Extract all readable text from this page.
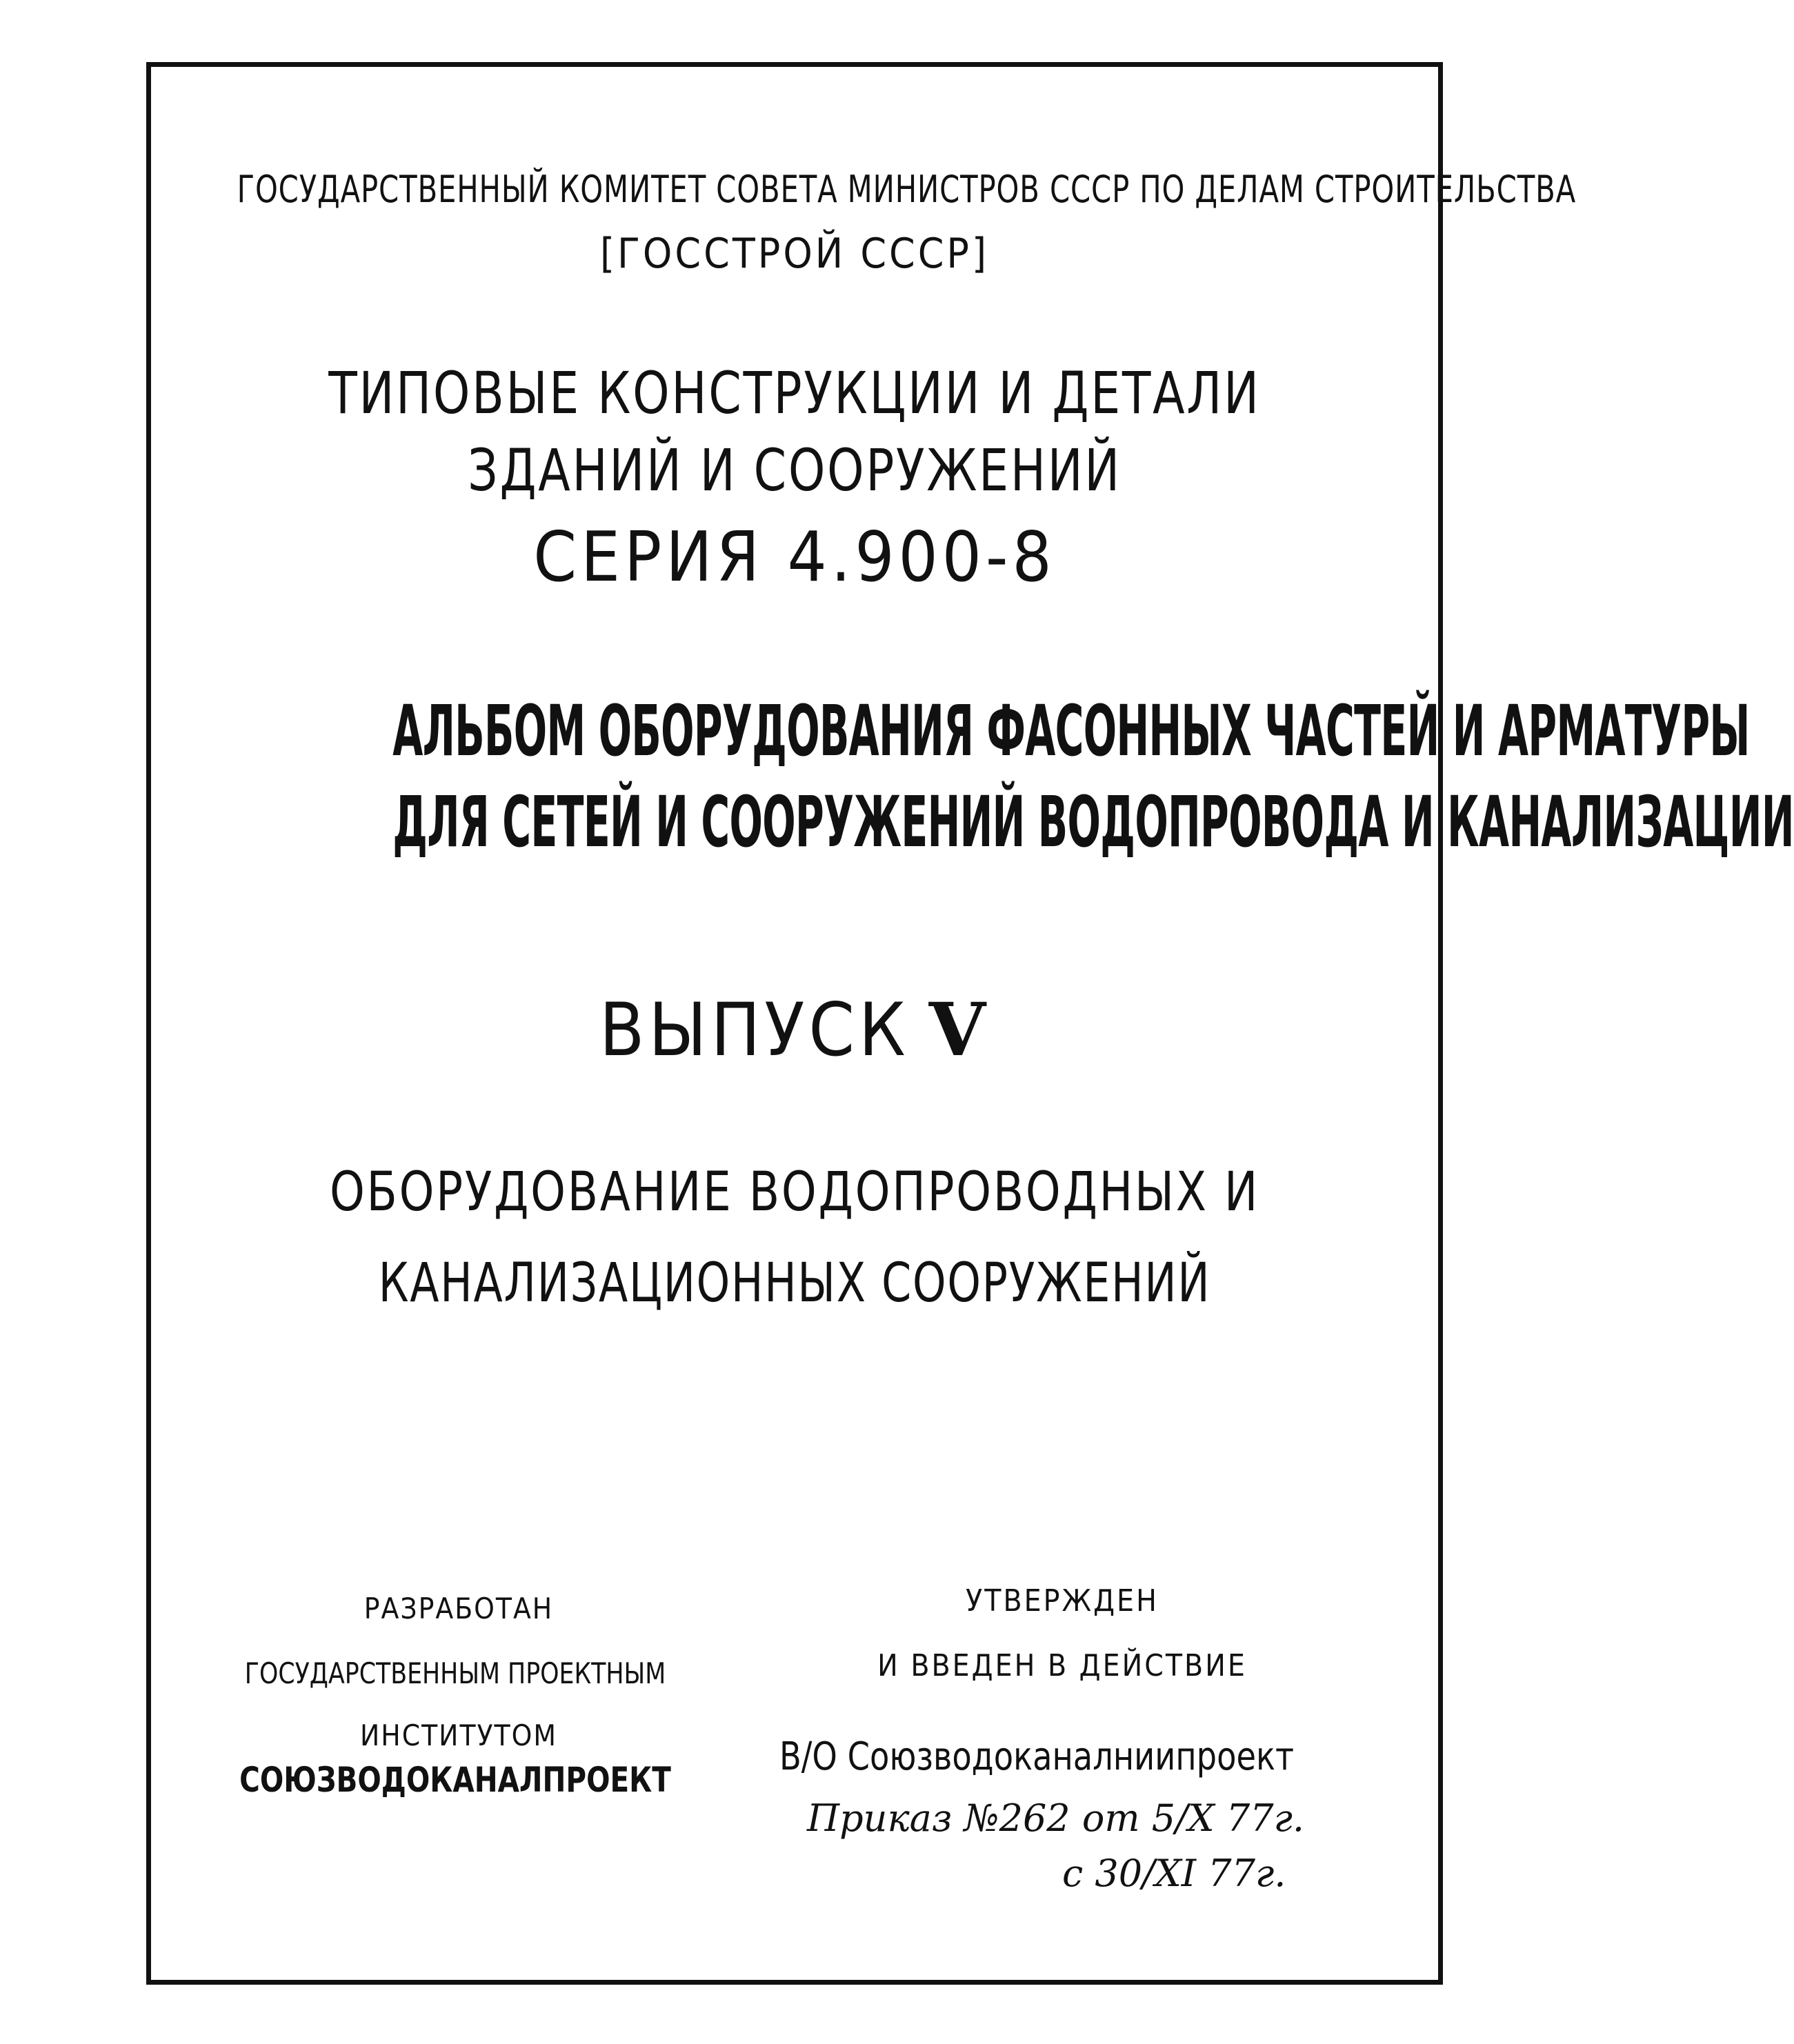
ГОСУДАРСТВЕННЫЙ КОМИТЕТ СОВЕТА МИНИСТРОВ СССР ПО ДЕЛАМ СТРОИТЕЛЬСТВА
[ГОССТРОЙ СССР]
ТИПОВЫЕ КОНСТРУКЦИИ И ДЕТАЛИ
ЗДАНИЙ И СООРУЖЕНИЙ
СЕРИЯ 4.900-8
АЛЬБОМ ОБОРУДОВАНИЯ ФАСОННЫХ ЧАСТЕЙ И АРМАТУРЫ
ДЛЯ СЕТЕЙ И СООРУЖЕНИЙ ВОДОПРОВОДА И КАНАЛИЗАЦИИ
ВЫПУСК V
ОБОРУДОВАНИЕ ВОДОПРОВОДНЫХ И
КАНАЛИЗАЦИОННЫХ СООРУЖЕНИЙ
РАЗРАБОТАН
ГОСУДАРСТВЕННЫМ ПРОЕКТНЫМ
ИНСТИТУТОМ
СОЮЗВОДОКАНАЛПРОЕКТ
УТВЕРЖДЕН
И ВВЕДЕН В ДЕЙСТВИЕ
В/О Союзводоканалниипроект
Приказ №262 от 5/X 77г.
с 30/XI 77г.
